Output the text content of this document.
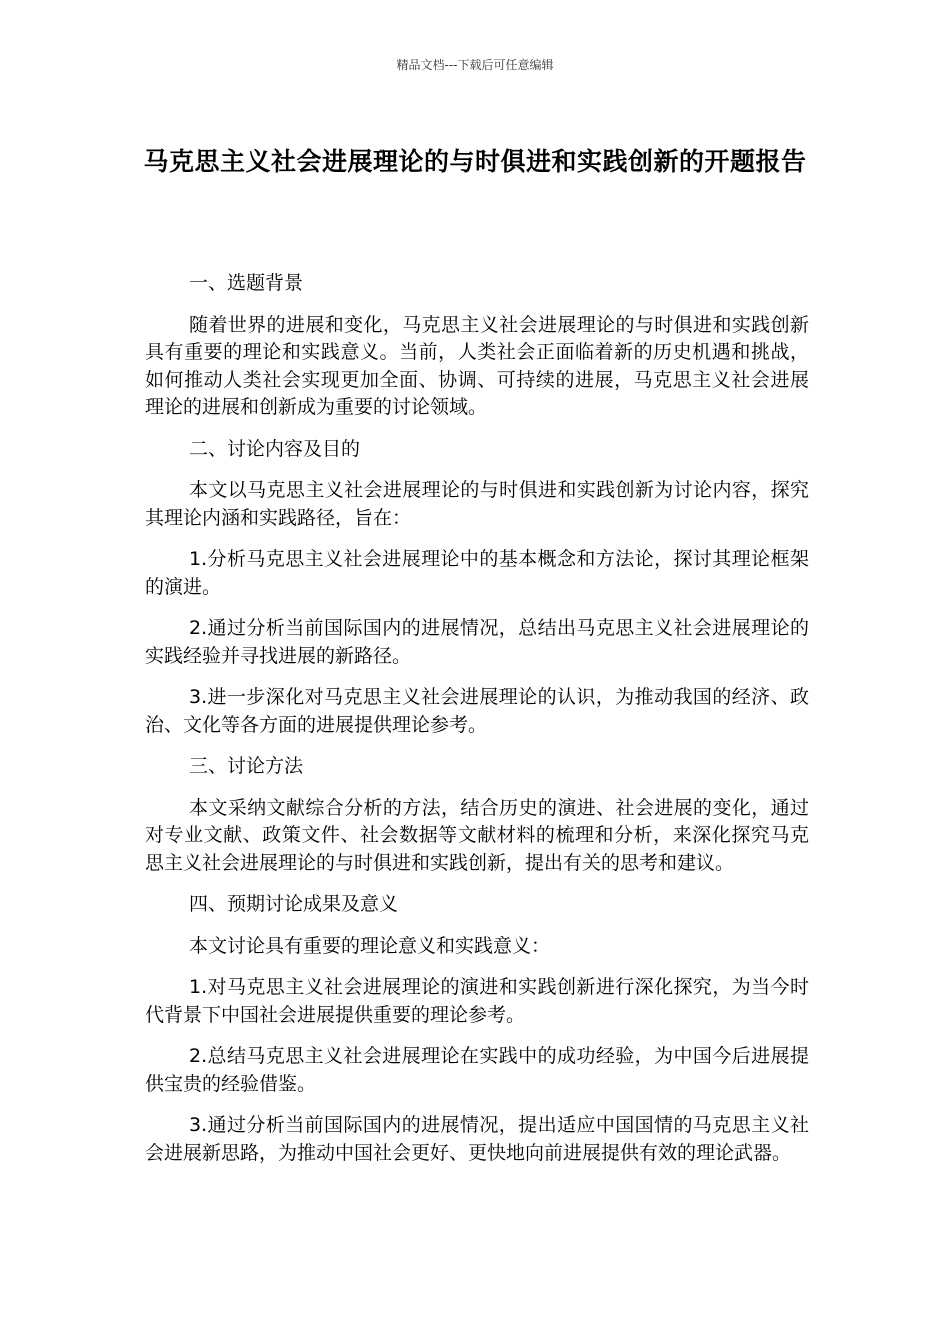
精品文档---下载后可任意编辑
马克思主义社会进展理论的与时俱进和实践创新的开题报告

一、选题背景

随着世界的进展和变化，马克思主义社会进展理论的与时俱进和实践创新具有重要的理论和实践意义。当前，人类社会正面临着新的历史机遇和挑战，如何推动人类社会实现更加全面、协调、可持续的进展，马克思主义社会进展理论的进展和创新成为重要的讨论领域。

二、讨论内容及目的

本文以马克思主义社会进展理论的与时俱进和实践创新为讨论内容，探究其理论内涵和实践路径，旨在：

1.分析马克思主义社会进展理论中的基本概念和方法论，探讨其理论框架的演进。

2.通过分析当前国际国内的进展情况，总结出马克思主义社会进展理论的实践经验并寻找进展的新路径。

3.进一步深化对马克思主义社会进展理论的认识，为推动我国的经济、政治、文化等各方面的进展提供理论参考。

三、讨论方法

本文采纳文献综合分析的方法，结合历史的演进、社会进展的变化，通过对专业文献、政策文件、社会数据等文献材料的梳理和分析，来深化探究马克思主义社会进展理论的与时俱进和实践创新，提出有关的思考和建议。

四、预期讨论成果及意义

本文讨论具有重要的理论意义和实践意义：

1.对马克思主义社会进展理论的演进和实践创新进行深化探究，为当今时代背景下中国社会进展提供重要的理论参考。

2.总结马克思主义社会进展理论在实践中的成功经验，为中国今后进展提供宝贵的经验借鉴。

3.通过分析当前国际国内的进展情况，提出适应中国国情的马克思主义社会进展新思路，为推动中国社会更好、更快地向前进展提供有效的理论武器。
